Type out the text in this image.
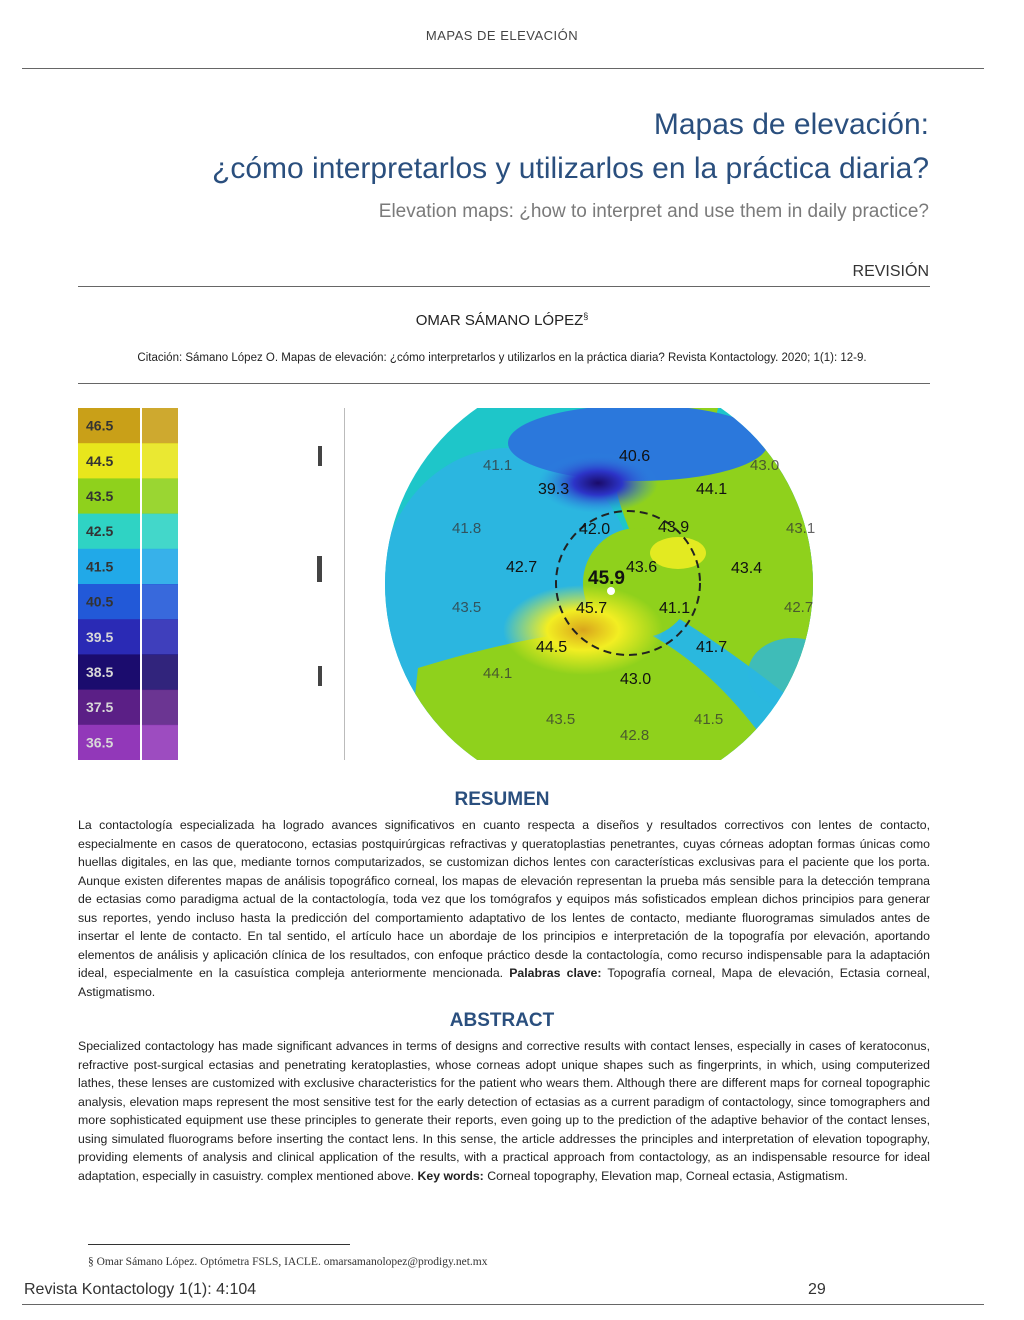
MAPAS DE ELEVACIÓN
Mapas de elevación:
¿cómo interpretarlos y utilizarlos en la práctica diaria?
Elevation maps: ¿how to interpret and use them in daily practice?
REVISIÓN
OMAR SÁMANO LÓPEZ§
Citación: Sámano López O. Mapas de elevación: ¿cómo interpretarlos y utilizarlos en la práctica diaria? Revista Kontactology. 2020; 1(1): 12-9.
46.5
44.5
43.5
42.5
41.5
40.5
39.5
38.5
37.5
36.5
40.6
39.3	44.1
42.0	43.9
42.7	43.6
45.9	43.4
45.7	41.1
44.5	41.7
43.0
41.1	43.0
41.8	43.1
43.5	42.7
44.1
41.5
43.5
42.8
RESUMEN
La contactología especializada ha logrado avances significativos en cuanto respecta a diseños y resultados correctivos con lentes de contacto, especialmente en casos de queratocono, ectasias postquirúrgicas refractivas y queratoplastias penetrantes, cuyas córneas adoptan formas únicas como huellas digitales, en las que, mediante tornos computarizados, se customizan dichos lentes con características exclusivas para el paciente que los porta. Aunque existen diferentes mapas de análisis topográfico corneal, los mapas de elevación representan la prueba más sensible para la detección temprana de ectasias como paradigma actual de la contactología, toda vez que los tomógrafos y equipos más sofisticados emplean dichos principios para generar sus reportes, yendo incluso hasta la predicción del comportamiento adaptativo de los lentes de contacto, mediante fluorogramas simulados antes de insertar el lente de contacto. En tal sentido, el artículo hace un abordaje de los principios e interpretación de la topografía por elevación, aportando elementos de análisis y aplicación clínica de los resultados, con enfoque práctico desde la contactología, como recurso indispensable para la adaptación ideal, especialmente en la casuística compleja anteriormente mencionada. Palabras clave: Topografía corneal, Mapa de elevación, Ectasia corneal, Astigmatismo.
ABSTRACT
Specialized contactology has made significant advances in terms of designs and corrective results with contact lenses, especially in cases of keratoconus, refractive post-surgical ectasias and penetrating keratoplasties, whose corneas adopt unique shapes such as fingerprints, in which, using computerized lathes, these lenses are customized with exclusive characteristics for the patient who wears them. Although there are different maps for corneal topographic analysis, elevation maps represent the most sensitive test for the early detection of ectasias as a current paradigm of contactology, since tomographers and more sophisticated equipment use these principles to generate their reports, even going up to the prediction of the adaptive behavior of the contact lenses, using simulated fluorograms before inserting the contact lens. In this sense, the article addresses the principles and interpretation of elevation topography, providing elements of analysis and clinical application of the results, with a practical approach from contactology, as an indispensable resource for ideal adaptation, especially in casuistry. complex mentioned above. Key words: Corneal topography, Elevation map, Corneal ectasia, Astigmatism.
§ Omar Sámano López. Optómetra FSLS, IACLE. omarsamanolopez@prodigy.net.mx
Revista Kontactology 1(1): 4:104	29
